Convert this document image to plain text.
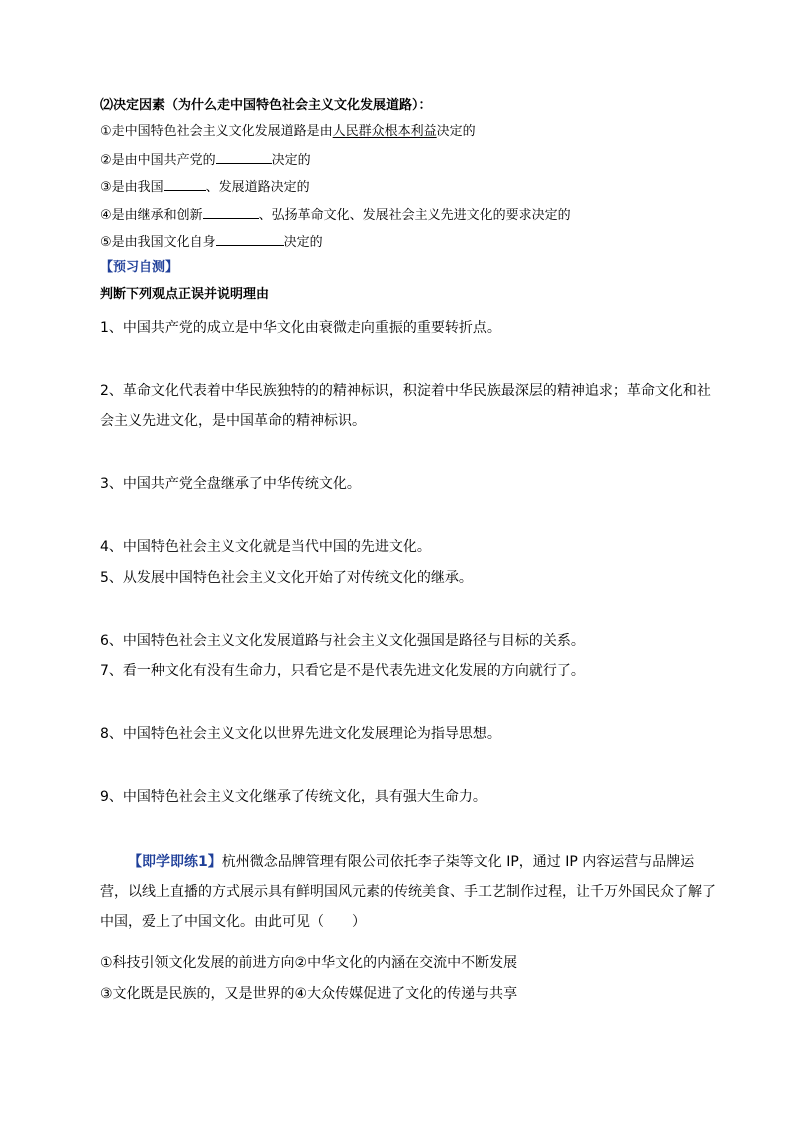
⑵决定因素（为什么走中国特色社会主义文化发展道路）：
①走中国特色社会主义文化发展道路是由人民群众根本利益决定的
②是由中国共产党的	决定的
③是由我国	、发展道路决定的
④是由继承和创新	、弘扬革命文化、发展社会主义先进文化的要求决定的
⑤是由我国文化自身	决定的
【预习自测】
判断下列观点正误并说明理由
1、中国共产党的成立是中华文化由衰微走向重振的重要转折点。
2、革命文化代表着中华民族独特的的精神标识，积淀着中华民族最深层的精神追求；革命文化和社会主义先进文化，是中国革命的精神标识。
3、中国共产党全盘继承了中华传统文化。
4、中国特色社会主义文化就是当代中国的先进文化。
5、从发展中国特色社会主义文化开始了对传统文化的继承。
6、中国特色社会主义文化发展道路与社会主义文化强国是路径与目标的关系。
7、看一种文化有没有生命力，只看它是不是代表先进文化发展的方向就行了。
8、中国特色社会主义文化以世界先进文化发展理论为指导思想。
9、中国特色社会主义文化继承了传统文化，具有强大生命力。
【即学即练1】杭州微念品牌管理有限公司依托李子柒等文化 IP，通过 IP 内容运营与品牌运营，以线上直播的方式展示具有鲜明国风元素的传统美食、手工艺制作过程，让千万外国民众了解了中国，爱上了中国文化。由此可见（　　）
①科技引领文化发展的前进方向②中华文化的内涵在交流中不断发展
③文化既是民族的，又是世界的④大众传媒促进了文化的传递与共享
